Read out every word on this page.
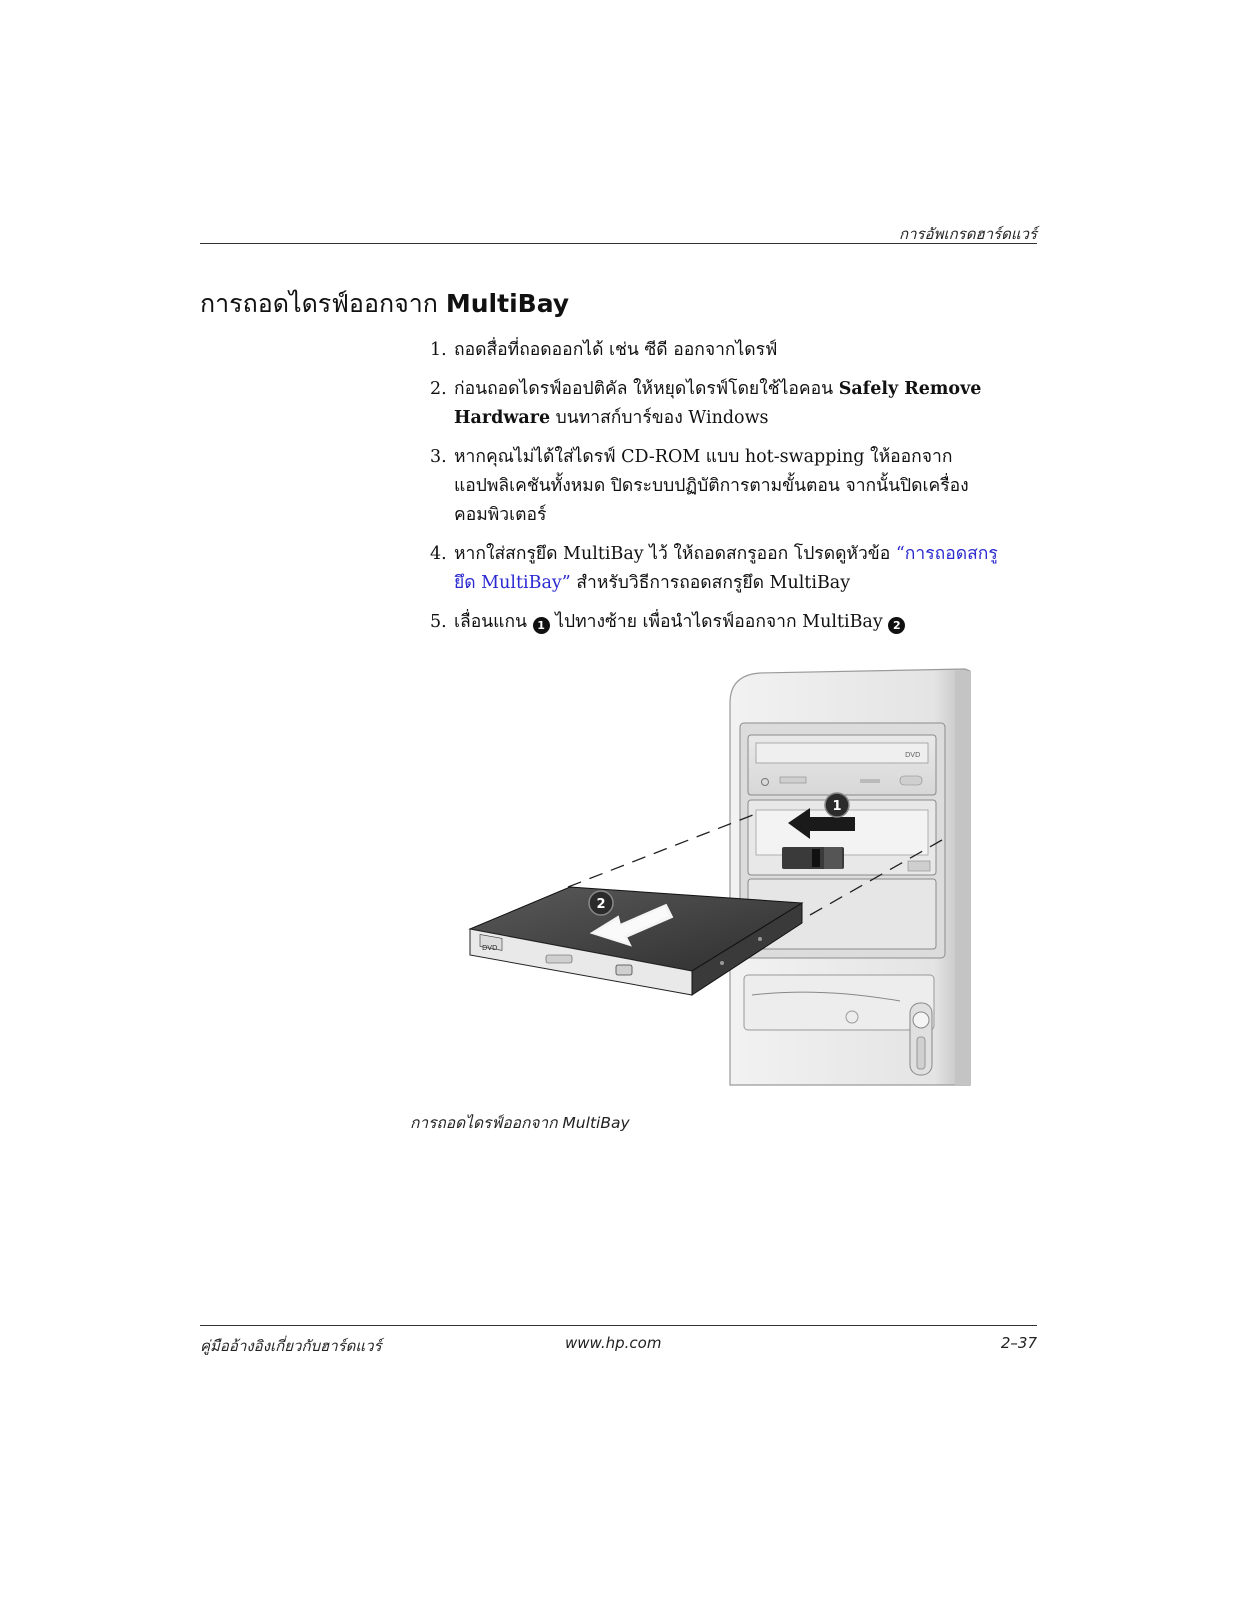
การอัพเกรดฮาร์ดแวร์
การถอดไดรฟ์ออกจาก MultiBay
1. ถอดสื่อที่ถอดออกได้ เช่น ซีดี ออกจากไดรฟ์
2. ก่อนถอดไดรฟ์ออปติคัล ให้หยุดไดรฟ์โดยใช้ไอคอน Safely Remove Hardware บนทาสก์บาร์ของ Windows
3. หากคุณไม่ได้ใส่ไดรฟ์ CD-ROM แบบ hot-swapping ให้ออกจากแอปพลิเคชันทั้งหมด ปิดระบบปฏิบัติการตามขั้นตอน จากนั้นปิดเครื่องคอมพิวเตอร์
4. หากใส่สกรูยึด MultiBay ไว้ ให้ถอดสกรูออก โปรดดูหัวข้อ “การถอดสกรูยึด MultiBay” สำหรับวิธีการถอดสกรูยึด MultiBay
5. เลื่อนแกน 1 ไปทางซ้าย เพื่อนำไดรฟ์ออกจาก MultiBay 2
DVD
1
DVD
2
การถอดไดรฟ์ออกจาก MultiBay
คู่มืออ้างอิงเกี่ยวกับฮาร์ดแวร์	www.hp.com	2–37
